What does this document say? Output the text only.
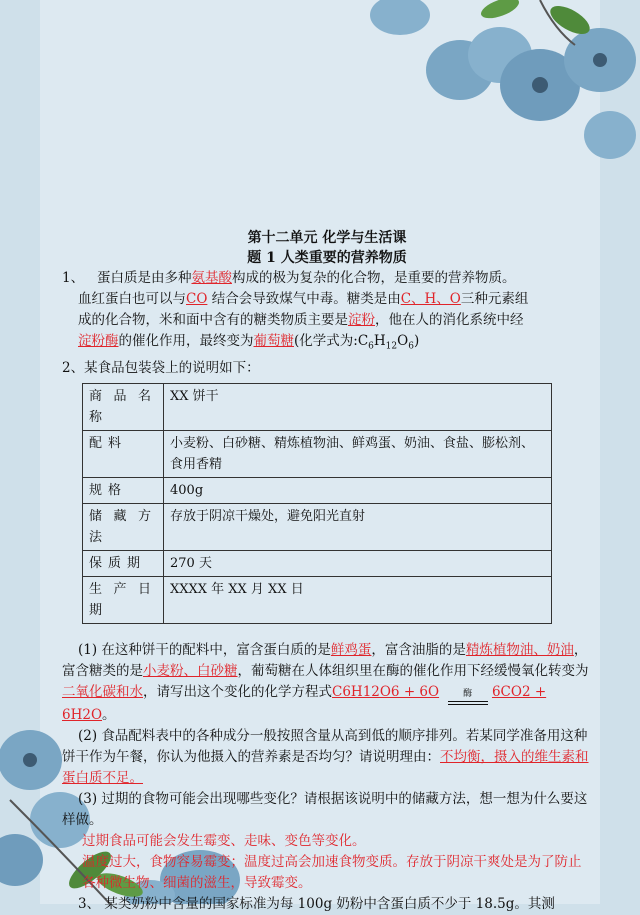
第十二单元 化学与生活课
题 1 人类重要的营养物质

1、 蛋白质是由多种氨基酸构成的极为复杂的化合物，是重要的营养物质。
血红蛋白也可以与CO 结合会导致煤气中毒。糖类是由C、H、O三种元素组
成的化合物，米和面中含有的糖类物质主要是淀粉，他在人的消化系统中经
淀粉酶的催化作用，最终变为葡萄糖(化学式为$:C_6H_{12}O_6$)

2、某食品包装袋上的说明如下：

商品名称	XX 饼干
配料	小麦粉、白砂糖、精炼植物油、鲜鸡蛋、奶油、食盐、膨松剂、食用香精
规格	400g
储藏方法	存放于阴凉干燥处，避免阳光直射
保质期	270 天
生产日期	XXXX 年 XX 月 XX 日

(1) 在这种饼干的配料中，富含蛋白质的是鲜鸡蛋，富含油脂的是精炼植物油、奶油，富含糖类的是小麦粉、白砂糖，葡萄糖在人体组织里在酶的催化作用下经缓慢氧化转变为二氧化碳和水，请写出这个变化的化学方程式C6H12O6 + 6O	酶 6CO2 + 6H2O。

(2) 食品配料表中的各种成分一般按照含量从高到低的顺序排列。若某同学准备用这种饼干作为午餐，你认为他摄入的营养素是否均匀？请说明理由：不均衡，摄入的维生素和蛋白质不足。

(3) 过期的食物可能会出现哪些变化？请根据该说明中的储藏方法，想一想为什么要这样做。

过期食品可能会发生霉变、走味、变色等变化。

温度过大，食物容易霉变；温度过高会加速食物变质。存放于阴凉干爽处是为了防止各种微生物、细菌的滋生，导致霉变。

3、 某类奶粉中含量的国家标准为每 100g 奶粉中含蛋白质不少于 18.5g。其测
